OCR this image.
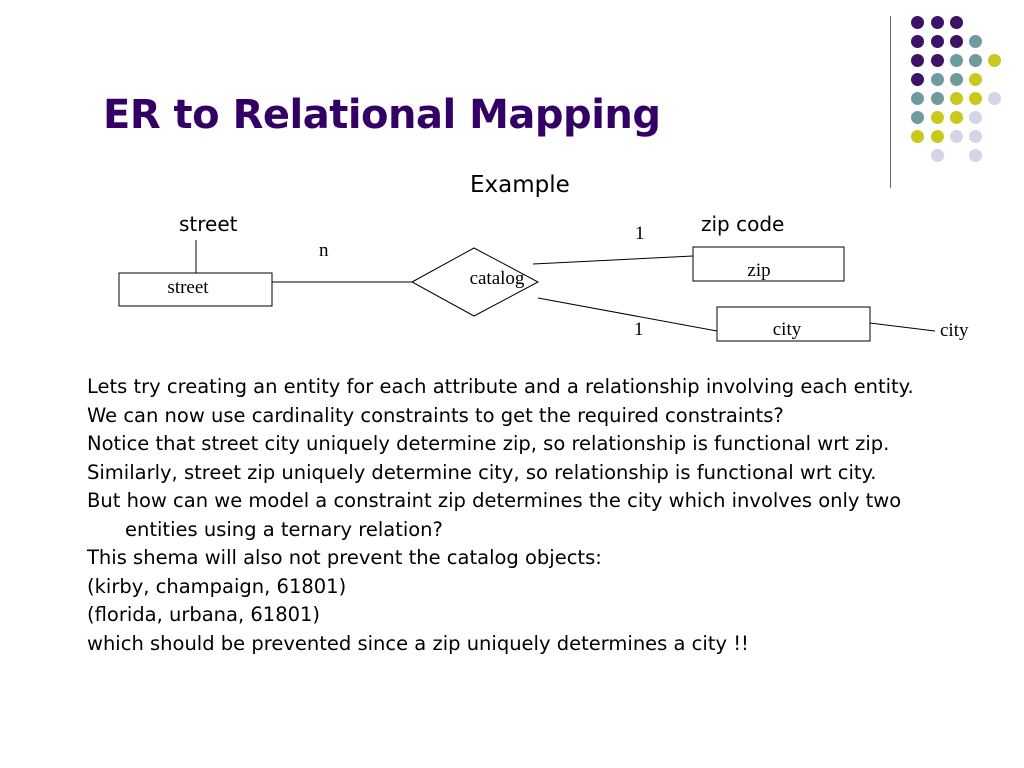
ER to Relational Mapping
Example
street
zip
city
catalog
street	zip code
city
n
1
1

Lets try creating an entity for each attribute and a relationship involving each entity.

We can now use cardinality constraints to get the required constraints?

Notice that street city uniquely determine zip, so relationship is functional wrt zip.

Similarly, street zip uniquely determine city, so relationship is functional wrt city.

But how can we model a constraint zip determines the city which involves only two entities using a ternary relation?

This shema will also not prevent the catalog objects:

(kirby, champaign, 61801)

(florida, urbana, 61801)

which should be prevented since a zip uniquely determines a city !!
